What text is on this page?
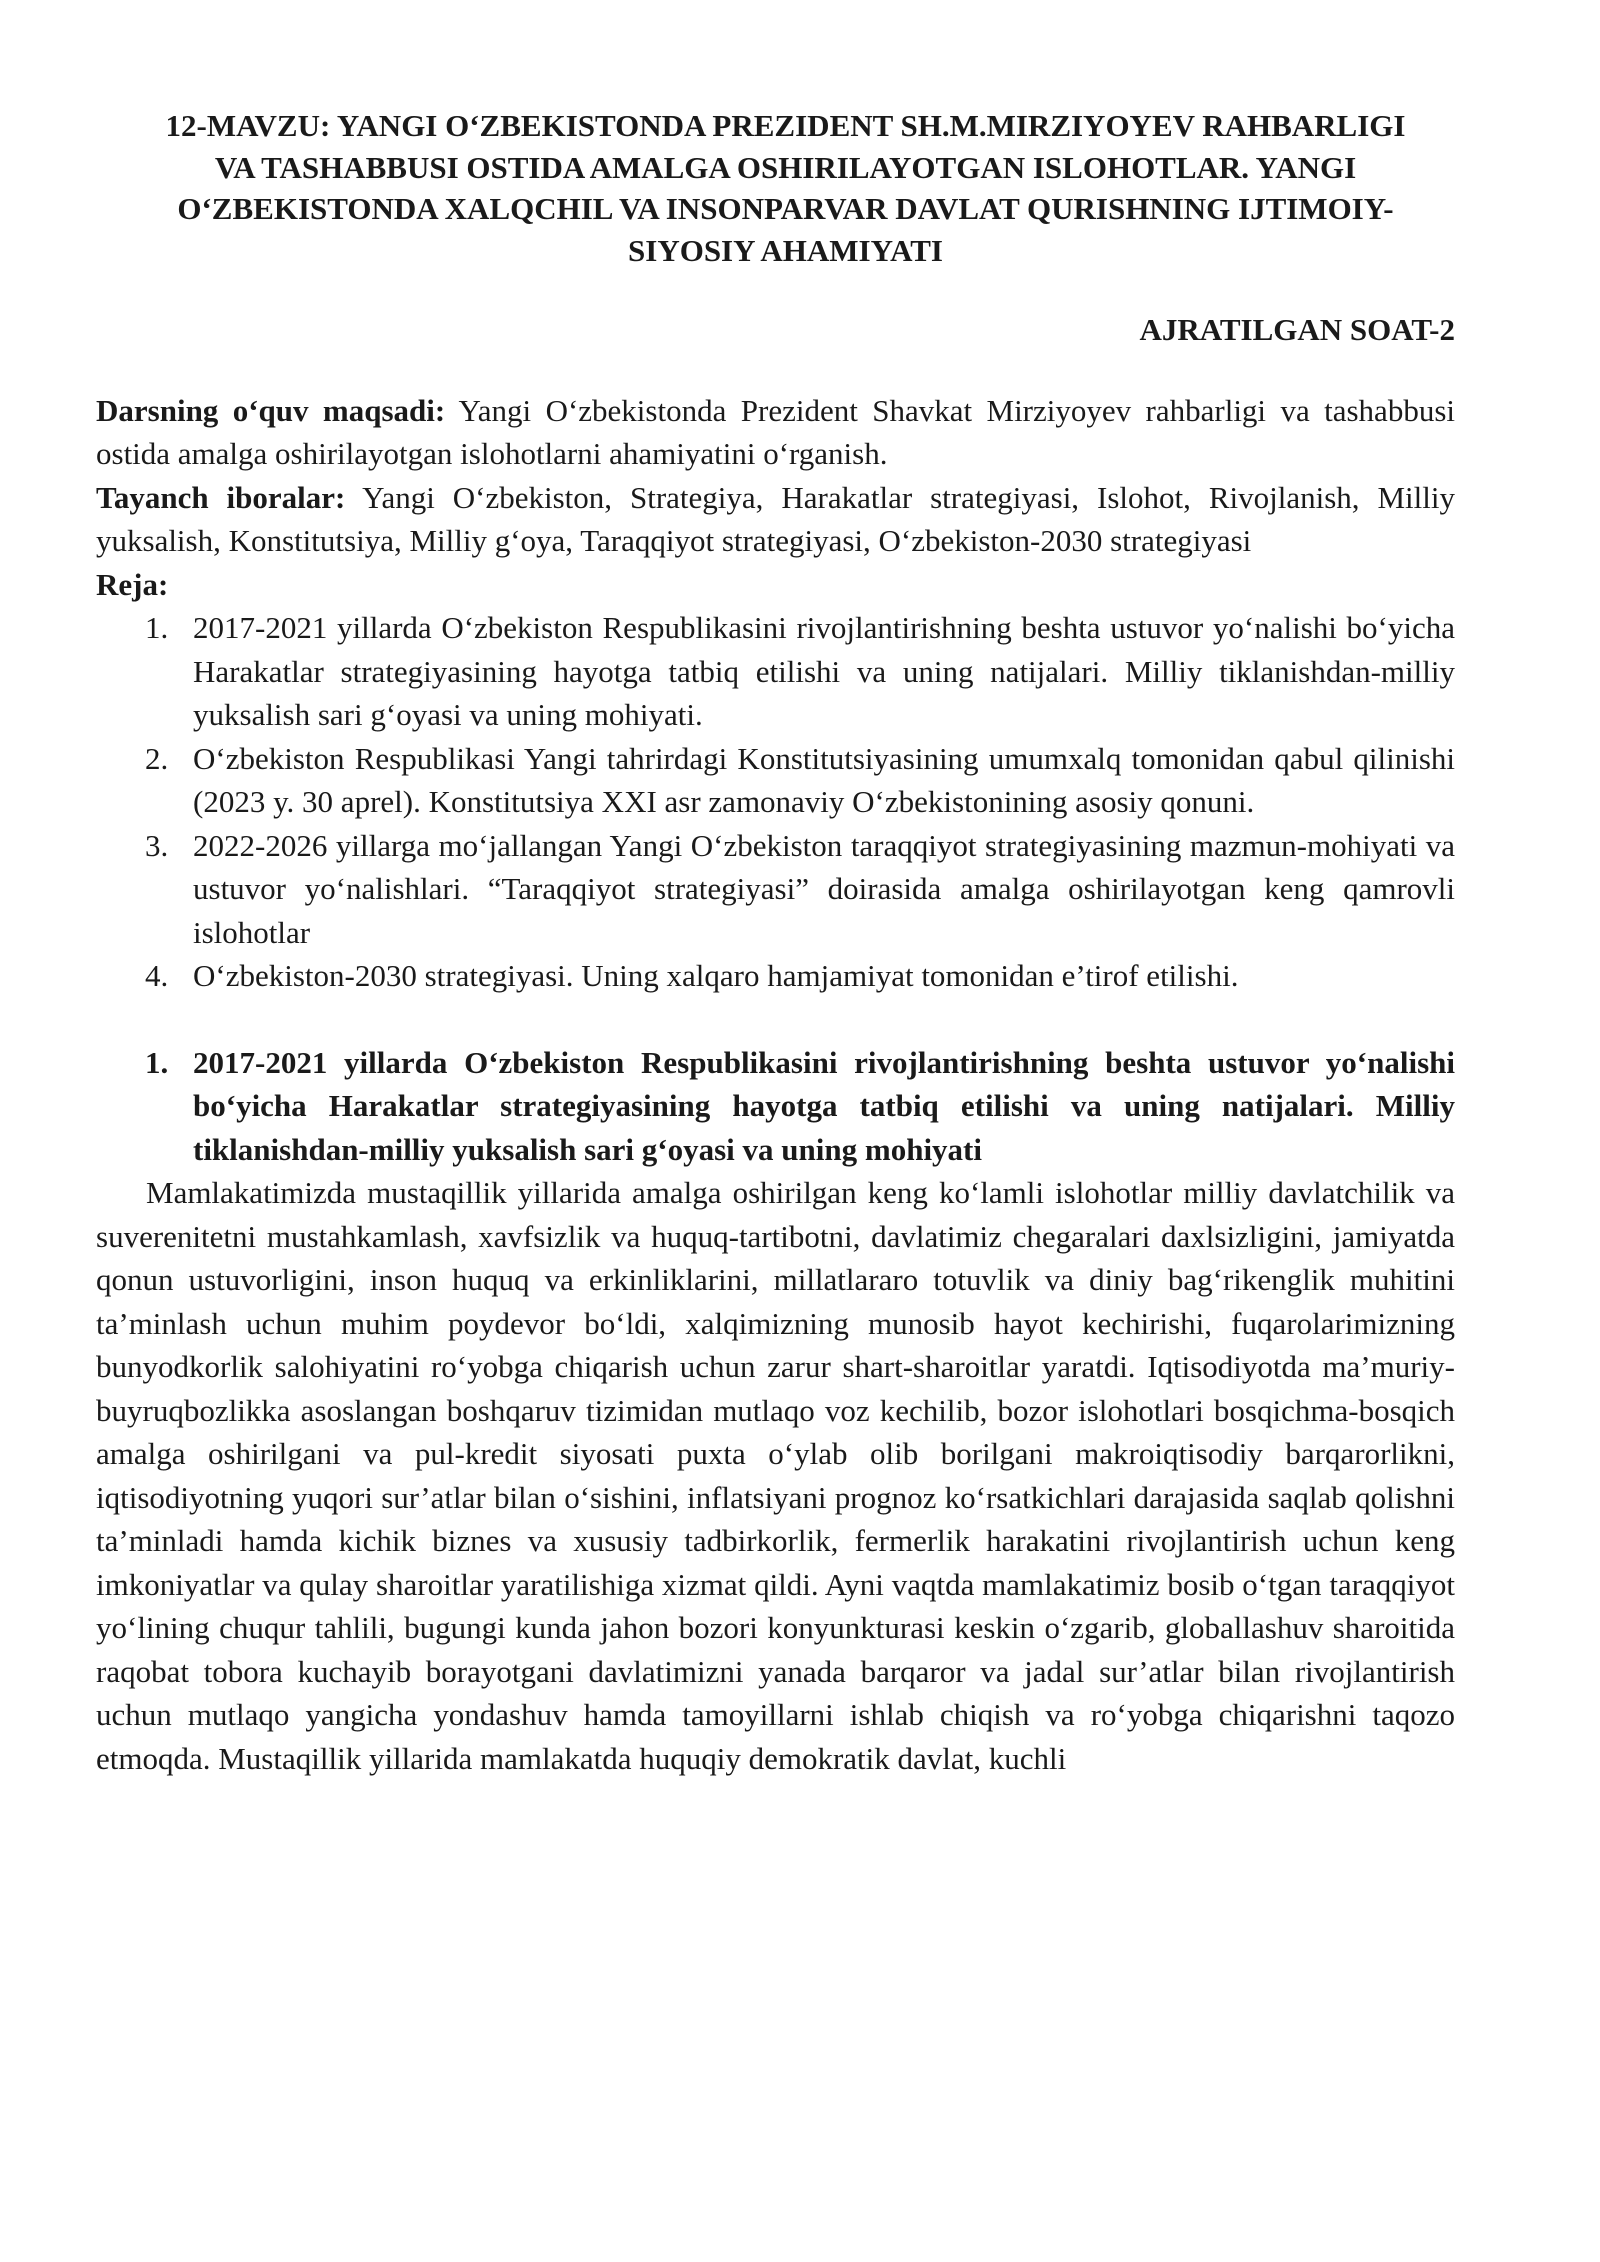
12-MAVZU: YANGI O‘ZBEKISTONDA PREZIDENT SH.M.MIRZIYOYEV RAHBARLIGI VA TASHABBUSI OSTIDA AMALGA OSHIRILAYOTGAN ISLOHOTLAR. YANGI O‘ZBEKISTONDA XALQCHIL VA INSONPARVAR DAVLAT QURISHNING IJTIMOIY-SIYOSIY AHAMIYATI
AJRATILGAN SOAT-2

Darsning o‘quv maqsadi: Yangi O‘zbekistonda Prezident Shavkat Mirziyoyev rahbarligi va tashabbusi ostida amalga oshirilayotgan islohotlarni ahamiyatini o‘rganish.

Tayanch iboralar: Yangi O‘zbekiston, Strategiya, Harakatlar strategiyasi, Islohot, Rivojlanish, Milliy yuksalish, Konstitutsiya, Milliy g‘oya, Taraqqiyot strategiyasi, O‘zbekiston-2030 strategiyasi

Reja:

1. 2017-2021 yillarda O‘zbekiston Respublikasini rivojlantirishning beshta ustuvor yo‘nalishi bo‘yicha Harakatlar strategiyasining hayotga tatbiq etilishi va uning natijalari. Milliy tiklanishdan-milliy yuksalish sari g‘oyasi va uning mohiyati.
2. O‘zbekiston Respublikasi Yangi tahrirdagi Konstitutsiyasining umumxalq tomonidan qabul qilinishi (2023 y. 30 aprel). Konstitutsiya XXI asr zamonaviy O‘zbekistonining asosiy qonuni.
3. 2022-2026 yillarga mo‘jallangan Yangi O‘zbekiston taraqqiyot strategiyasining mazmun-mohiyati va ustuvor yo‘nalishlari. “Taraqqiyot strategiyasi” doirasida amalga oshirilayotgan keng qamrovli islohotlar
4. O‘zbekiston-2030 strategiyasi. Uning xalqaro hamjamiyat tomonidan e’tirof etilishi.
1. 2017-2021 yillarda O‘zbekiston Respublikasini rivojlantirishning beshta ustuvor yo‘nalishi bo‘yicha Harakatlar strategiyasining hayotga tatbiq etilishi va uning natijalari. Milliy tiklanishdan-milliy yuksalish sari g‘oyasi va uning mohiyati

Mamlakatimizda mustaqillik yillarida amalga oshirilgan keng ko‘lamli islohotlar milliy davlatchilik va suverenitetni mustahkamlash, xavfsizlik va huquq-tartibotni, davlatimiz chegaralari daxlsizligini, jamiyatda qonun ustuvorligini, inson huquq va erkinliklarini, millatlararo totuvlik va diniy bag‘rikenglik muhitini ta’minlash uchun muhim poydevor bo‘ldi, xalqimizning munosib hayot kechirishi, fuqarolarimizning bunyodkorlik salohiyatini ro‘yobga chiqarish uchun zarur shart-sharoitlar yaratdi. Iqtisodiyotda ma’muriy-buyruqbozlikka asoslangan boshqaruv tizimidan mutlaqo voz kechilib, bozor islohotlari bosqichma-bosqich amalga oshirilgani va pul-kredit siyosati puxta o‘ylab olib borilgani makroiqtisodiy barqarorlikni, iqtisodiyotning yuqori sur’atlar bilan o‘sishini, inflatsiyani prognoz ko‘rsatkichlari darajasida saqlab qolishni ta’minladi hamda kichik biznes va xususiy tadbirkorlik, fermerlik harakatini rivojlantirish uchun keng imkoniyatlar va qulay sharoitlar yaratilishiga xizmat qildi. Ayni vaqtda mamlakatimiz bosib o‘tgan taraqqiyot yo‘lining chuqur tahlili, bugungi kunda jahon bozori konyunkturasi keskin o‘zgarib, globallashuv sharoitida raqobat tobora kuchayib borayotgani davlatimizni yanada barqaror va jadal sur’atlar bilan rivojlantirish uchun mutlaqo yangicha yondashuv hamda tamoyillarni ishlab chiqish va ro‘yobga chiqarishni taqozo etmoqda. Mustaqillik yillarida mamlakatda huquqiy demokratik davlat, kuchli
